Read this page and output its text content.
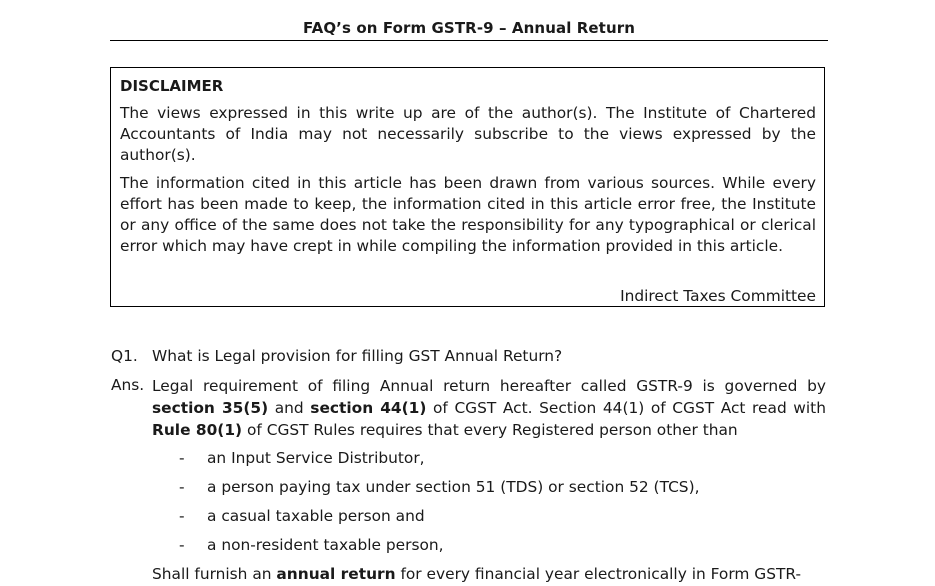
FAQ’s on Form GSTR-9 – Annual Return
DISCLAIMER

The views expressed in this write up are of the author(s). The Institute of Chartered Accountants of India may not necessarily subscribe to the views expressed by the author(s).

The information cited in this article has been drawn from various sources. While every effort has been made to keep, the information cited in this article error free, the Institute or any office of the same does not take the responsibility for any typographical or clerical error which may have crept in while compiling the information provided in this article.

Indirect Taxes Committee
Q1. What is Legal provision for filling GST Annual Return?
Ans. Legal requirement of filing Annual return hereafter called GSTR-9 is governed by section 35(5) and section 44(1) of CGST Act. Section 44(1) of CGST Act read with Rule 80(1) of CGST Rules requires that every Registered person other than

- an Input Service Distributor,
- a person paying tax under section 51 (TDS) or section 52 (TCS),
- a casual taxable person and
- a non-resident taxable person,
Shall furnish an annual return for every financial year electronically in Form GSTR-
